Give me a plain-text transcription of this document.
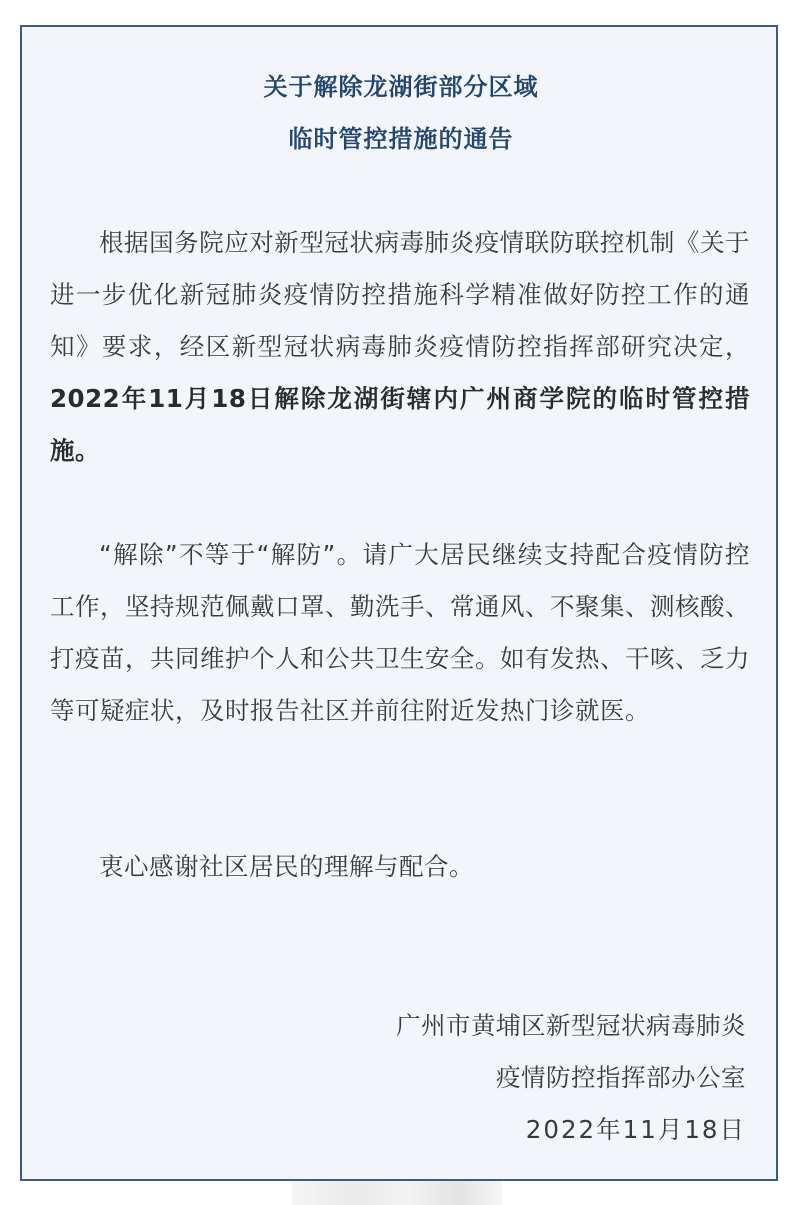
关于解除龙湖街部分区域
临时管控措施的通告

根据国务院应对新型冠状病毒肺炎疫情联防联控机制《关于进一步优化新冠肺炎疫情防控措施科学精准做好防控工作的通知》要求，经区新型冠状病毒肺炎疫情防控指挥部研究决定，2022年11月18日解除龙湖街辖内广州商学院的临时管控措施。

“解除”不等于“解防”。请广大居民继续支持配合疫情防控工作，坚持规范佩戴口罩、勤洗手、常通风、不聚集、测核酸、打疫苗，共同维护个人和公共卫生安全。如有发热、干咳、乏力等可疑症状，及时报告社区并前往附近发热门诊就医。

衷心感谢社区居民的理解与配合。

广州市黄埔区新型冠状病毒肺炎
疫情防控指挥部办公室
2022年11月18日
